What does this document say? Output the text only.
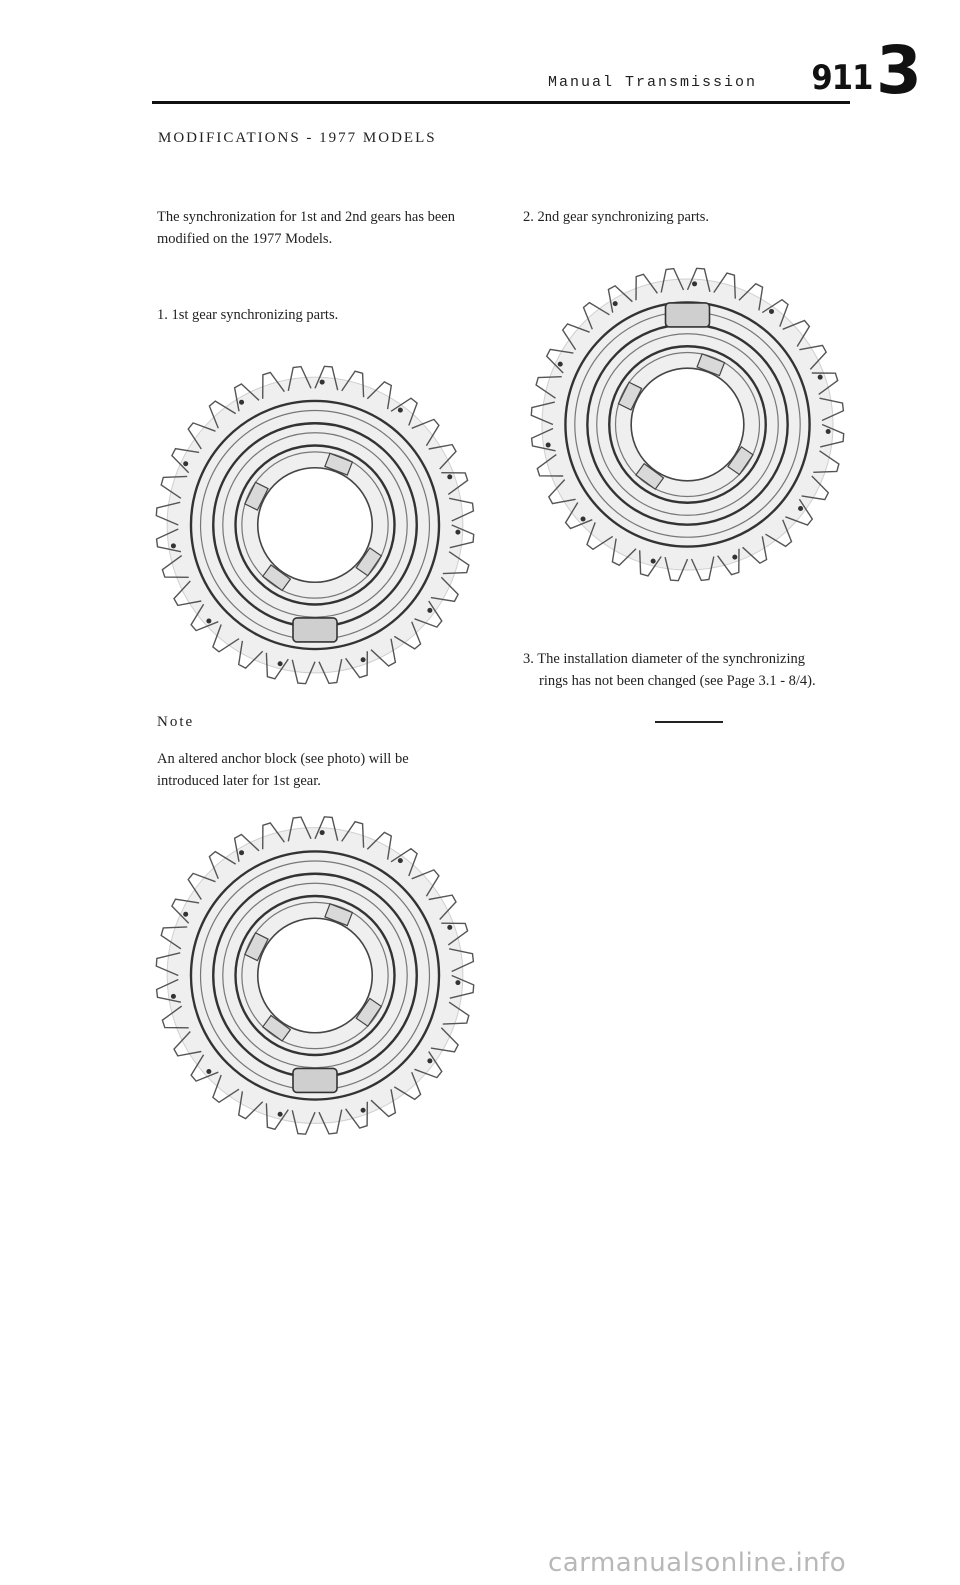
Manual Transmission 911 3
MODIFICATIONS - 1977 MODELS
The synchronization for 1st and 2nd gears has been modified on the 1977 Models.
1. 1st gear synchronizing parts.
2. 2nd gear synchronizing parts.
3. The installation diameter of the synchronizing
rings has not been changed (see Page 3.1 - 8/4).
Note
An altered anchor block (see photo) will be introduced later for 1st gear.
carmanualsonline.info
